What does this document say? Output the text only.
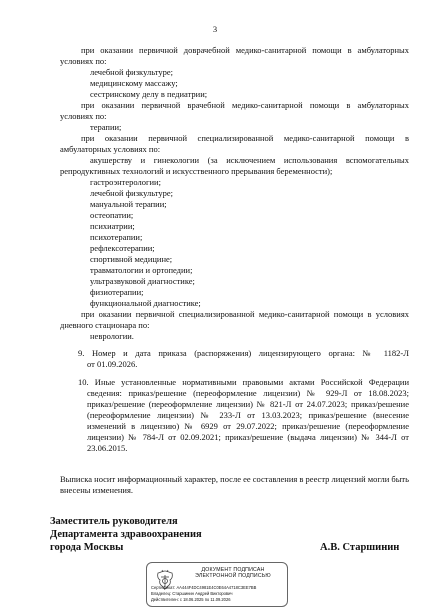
3
при оказании первичной доврачебной медико-санитарной помощи в амбулаторных
условиях по:
лечебной физкультуре;
медицинскому массажу;
сестринскому делу в педиатрии;
при оказании первичной врачебной медико-санитарной помощи в амбулаторных
условиях по:
терапии;
при оказании первичной специализированной медико-санитарной помощи в
амбулаторных условиях по:
акушерству и гинекологии (за исключением использования вспомогательных
репродуктивных технологий и искусственного прерывания беременности);
гастроэнтерологии;
лечебной физкультуре;
мануальной терапии;
остеопатии;
психиатрии;
психотерапии;
рефлексотерапии;
спортивной медицине;
травматологии и ортопедии;
ультразвуковой диагностике;
физиотерапии;
функциональной диагностике;
при оказании первичной специализированной медико-санитарной помощи в условиях
дневного стационара по:
неврологии.
9. Номер и дата приказа (распоряжения) лицензирующего органа: № 1182-Л
от 01.09.2026.
10. Иные установленные нормативными правовыми актами Российской Федерации
сведения: приказ/решение (переоформление лицензии) № 929-Л от 18.08.2023;
приказ/решение (переоформление лицензии) № 821-Л от 24.07.2023; приказ/решение
(переоформление лицензии) № 233-Л от 13.03.2023; приказ/решение (внесение
изменений в лицензию) № 6929 от 29.07.2022; приказ/решение (переоформление
лицензии) № 784-Л от 02.09.2021; приказ/решение (выдача лицензии) № 344-Л от
23.06.2015.
Выписка носит информационный характер, после ее составления в реестр лицензий могли быть
внесены изменения.
Заместитель руководителя
Департамента здравоохранения
города Москвы	А.В. Старшинин
ДОКУМЕНТ ПОДПИСАН
ЭЛЕКТРОННОЙ ПОДПИСЬЮ
Сертификат: AA444F4DC4981E4C0E64A4718C3EE7BB
Владелец: Старшинин Андрей Викторович
Действителен: с 18.06.2025 по 11.09.2026
